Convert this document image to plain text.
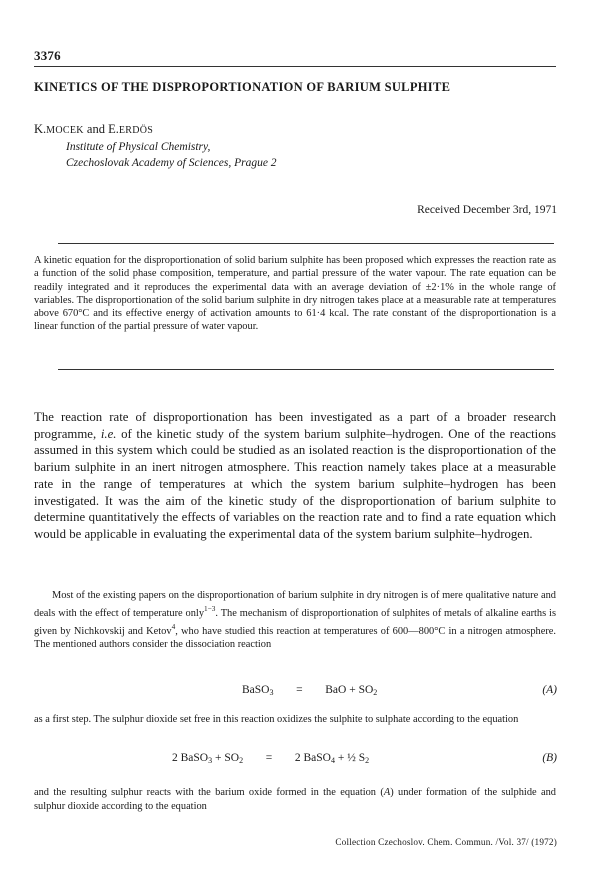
3376
KINETICS OF THE DISPROPORTIONATION OF BARIUM SULPHITE
K.MOCEK and E.ERDÖS
Institute of Physical Chemistry,
Czechoslovak Academy of Sciences, Prague 2
Received December 3rd, 1971
A kinetic equation for the disproportionation of solid barium sulphite has been proposed which expresses the reaction rate as a function of the solid phase composition, temperature, and partial pressure of the water vapour. The rate equation can be readily integrated and it reproduces the experimental data with an average deviation of ±2·1% in the whole range of variables. The disproportionation of the solid barium sulphite in dry nitrogen takes place at a measurable rate at temperatures above 670°C and its effective energy of activation amounts to 61·4 kcal. The rate constant of the disproportionation is a linear function of the partial pressure of water vapour.
The reaction rate of disproportionation has been investigated as a part of a broader research programme, i.e. of the kinetic study of the system barium sulphite–hydrogen. One of the reactions assumed in this system which could be studied as an isolated reaction is the disproportionation of the barium sulphite in an inert nitrogen atmosphere. This reaction namely takes place at a measurable rate in the range of temperatures at which the system barium sulphite–hydrogen has been investigated. It was the aim of the kinetic study of the disproportionation of barium sulphite to determine quantitatively the effects of variables on the reaction rate and to find a rate equation which would be applicable in evaluating the experimental data of the system barium sulphite–hydrogen.
Most of the existing papers on the disproportionation of barium sulphite in dry nitrogen is of mere qualitative nature and deals with the effect of temperature only$^{1-3}$. The mechanism of disproportionation of sulphites of metals of alkaline earths is given by Nichkovskij and Ketov$^4$, who have studied this reaction at temperatures of 600—800°C in a nitrogen atmosphere. The mentioned authors consider the dissociation reaction
BaSO$_3$ = BaO + $SO_2$	(A)
as a first step. The sulphur dioxide set free in this reaction oxidizes the sulphite to sulphate according to the equation
2 BaSO$_3$ + $SO_2 = 2$ BaSO$_4$ + ½ $S_2$	(B)
and the resulting sulphur reacts with the barium oxide formed in the equation (A) under formation of the sulphide and sulphur dioxide according to the equation
Collection Czechoslov. Chem. Commun. /Vol. 37/ (1972)
